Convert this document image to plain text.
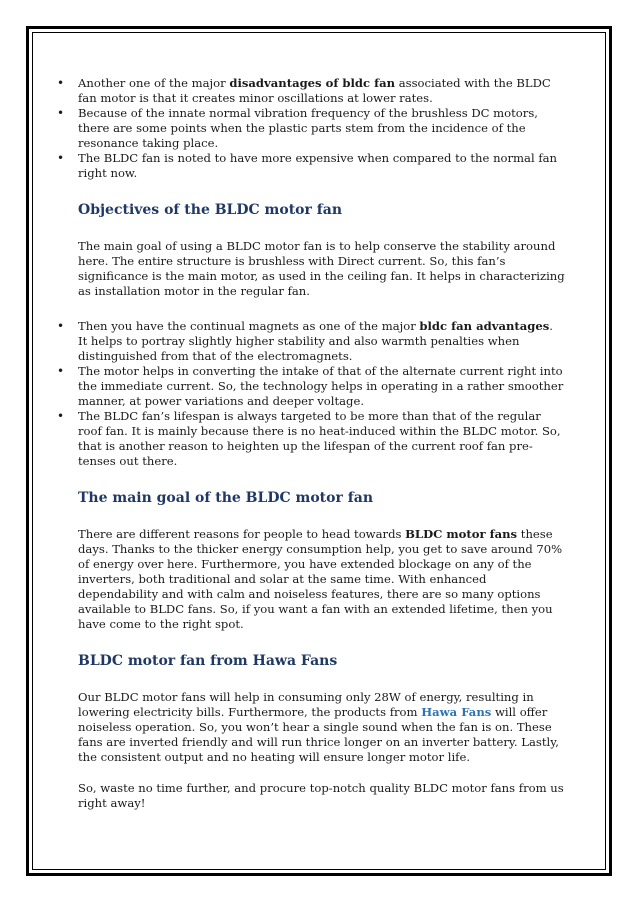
• Another one of the major disadvantages of bldc fan associated with the BLDC fan motor is that it creates minor oscillations at lower rates.
• Because of the innate normal vibration frequency of the brushless DC motors, there are some points when the plastic parts stem from the incidence of the resonance taking place.
• The BLDC fan is noted to have more expensive when compared to the normal fan right now.
Objectives of the BLDC motor fan

The main goal of using a BLDC motor fan is to help conserve the stability around here. The entire structure is brushless with Direct current. So, this fan’s significance is the main motor, as used in the ceiling fan. It helps in characterizing as installation motor in the regular fan.

• Then you have the continual magnets as one of the major bldc fan advantages. It helps to portray slightly higher stability and also warmth penalties when distinguished from that of the electromagnets.
• The motor helps in converting the intake of that of the alternate current right into the immediate current. So, the technology helps in operating in a rather smoother manner, at power variations and deeper voltage.
• The BLDC fan’s lifespan is always targeted to be more than that of the regular roof fan. It is mainly because there is no heat-induced within the BLDC motor. So, that is another reason to heighten up the lifespan of the current roof fan pre-tenses out there.
The main goal of the BLDC motor fan

There are different reasons for people to head towards BLDC motor fans these days. Thanks to the thicker energy consumption help, you get to save around 70% of energy over here. Furthermore, you have extended blockage on any of the inverters, both traditional and solar at the same time. With enhanced dependability and with calm and noiseless features, there are so many options available to BLDC fans. So, if you want a fan with an extended lifetime, then you have come to the right spot.

BLDC motor fan from Hawa Fans

Our BLDC motor fans will help in consuming only 28W of energy, resulting in lowering electricity bills. Furthermore, the products from Hawa Fans will offer noiseless operation. So, you won’t hear a single sound when the fan is on. These fans are inverted friendly and will run thrice longer on an inverter battery. Lastly, the consistent output and no heating will ensure longer motor life.

So, waste no time further, and procure top-notch quality BLDC motor fans from us right away!
